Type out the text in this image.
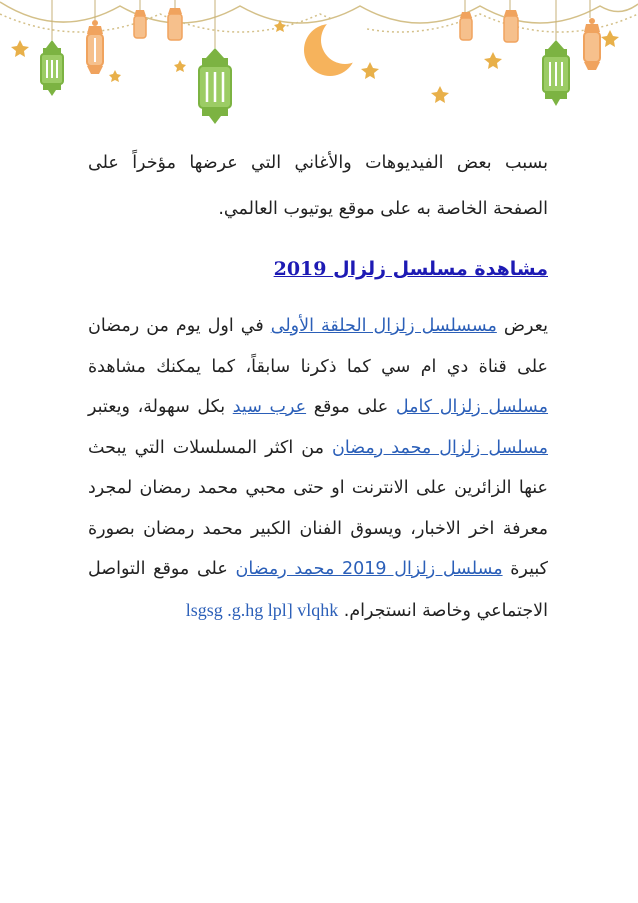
بسبب بعض الفيديوهات والأغاني التي عرضها مؤخراً على الصفحة الخاصة به على موقع يوتيوب العالمي.

مشاهدة مسلسل زلزال 2019

يعرض مسسلسل زلزال الحلقة الأولى في اول يوم من رمضان على قناة دي ام سي كما ذكرنا سابقاً، كما يمكنك مشاهدة مسلسل زلزال كامل على موقع عرب سيد بكل سهولة، ويعتبر مسلسل زلزال محمد رمضان من اكثر المسلسلات التي يبحث عنها الزائرين على الانترنت او حتى محبي محمد رمضان لمجرد معرفة اخر الاخبار، ويسوق الفنان الكبير محمد رمضان بصورة كبيرة مسلسل زلزال 2019 محمد رمضان على موقع التواصل الاجتماعي وخاصة انستجرام. lsgsg .g.hg lpl] vlqhk
